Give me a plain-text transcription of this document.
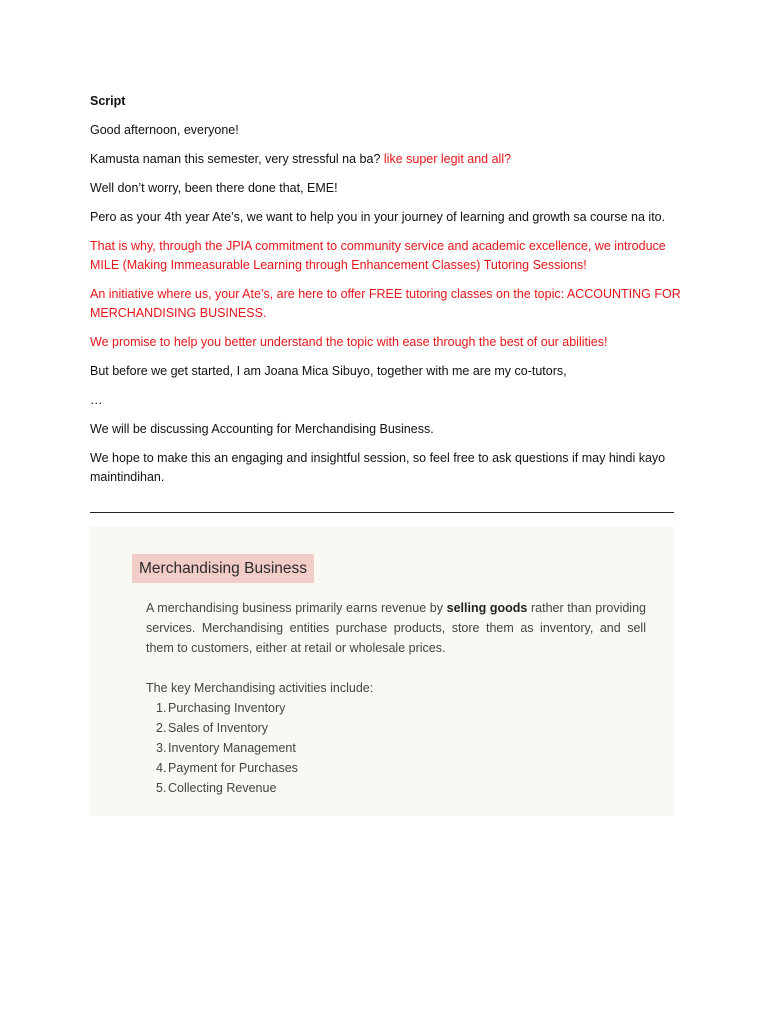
Script

Good afternoon, everyone!

Kamusta naman this semester, very stressful na ba? like super legit and all?

Well don’t worry, been there done that, EME!

Pero as your 4th year Ate’s, we want to help you in your journey of learning and growth sa course na ito.

That is why, through the JPIA commitment to community service and academic excellence, we introduce MILE (Making Immeasurable Learning through Enhancement Classes) Tutoring Sessions!

An initiative where us, your Ate’s, are here to offer FREE tutoring classes on the topic: ACCOUNTING FOR MERCHANDISING BUSINESS.

We promise to help you better understand the topic with ease through the best of our abilities!

But before we get started, I am Joana Mica Sibuyo, together with me are my co-tutors,

…

We will be discussing Accounting for Merchandising Business.

We hope to make this an engaging and insightful session, so feel free to ask questions if may hindi kayo maintindihan.

Merchandising Business

A merchandising business primarily earns revenue by selling goods rather than providing services. Merchandising entities purchase products, store them as inventory, and sell them to customers, either at retail or wholesale prices.

The key Merchandising activities include:

1. Purchasing Inventory
2. Sales of Inventory
3. Inventory Management
4. Payment for Purchases
5. Collecting Revenue
